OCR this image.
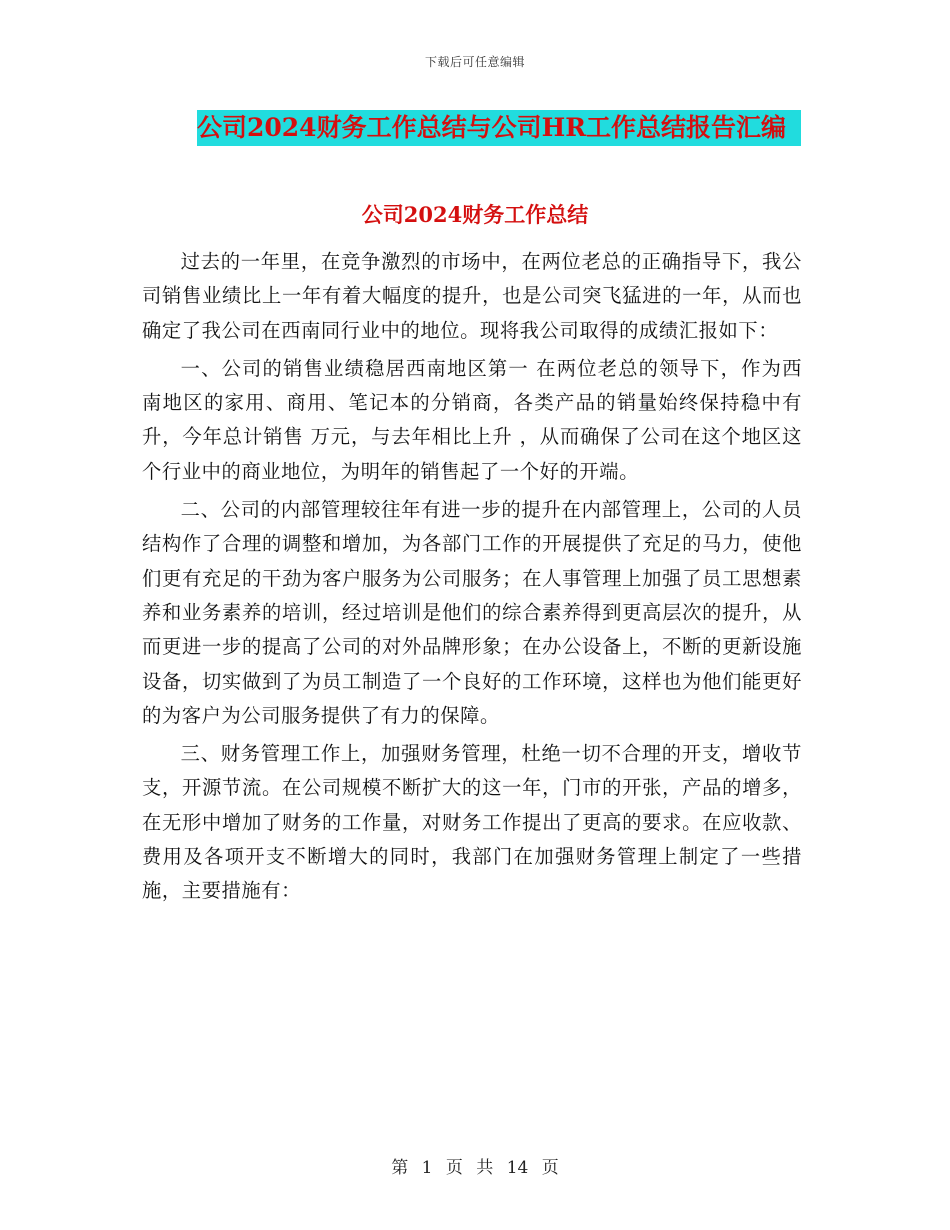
下载后可任意编辑
公司2024财务工作总结与公司HR工作总结报告汇编
公司2024财务工作总结

过去的一年里，在竞争激烈的市场中，在两位老总的正确指导下，我公司销售业绩比上一年有着大幅度的提升，也是公司突飞猛进的一年，从而也确定了我公司在西南同行业中的地位。现将我公司取得的成绩汇报如下：

一、公司的销售业绩稳居西南地区第一 在两位老总的领导下，作为西南地区的家用、商用、笔记本的分销商，各类产品的销量始终保持稳中有升，今年总计销售 万元，与去年相比上升 ，从而确保了公司在这个地区这个行业中的商业地位，为明年的销售起了一个好的开端。

二、公司的内部管理较往年有进一步的提升在内部管理上，公司的人员结构作了合理的调整和增加，为各部门工作的开展提供了充足的马力，使他们更有充足的干劲为客户服务为公司服务；在人事管理上加强了员工思想素养和业务素养的培训，经过培训是他们的综合素养得到更高层次的提升，从而更进一步的提高了公司的对外品牌形象；在办公设备上，不断的更新设施设备，切实做到了为员工制造了一个良好的工作环境，这样也为他们能更好的为客户为公司服务提供了有力的保障。

三、财务管理工作上，加强财务管理，杜绝一切不合理的开支，增收节支，开源节流。在公司规模不断扩大的这一年，门市的开张，产品的增多，在无形中增加了财务的工作量，对财务工作提出了更高的要求。在应收款、费用及各项开支不断增大的同时，我部门在加强财务管理上制定了一些措施，主要措施有：

第 1 页 共 14 页
